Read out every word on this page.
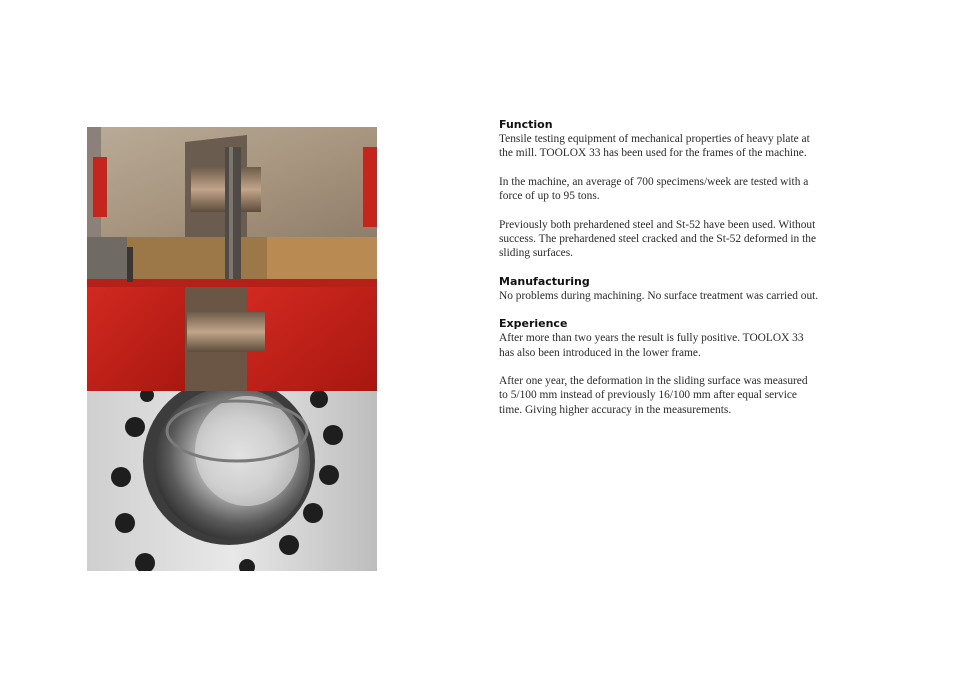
Function

Tensile testing equipment of mechanical properties of heavy plate at the mill. TOOLOX 33 has been used for the frames of the machine.

In the machine, an average of 700 specimens/week are tested with a force of up to 95 tons.

Previously both prehardened steel and St-52 have been used. Without success. The prehardened steel cracked and the St-52 deformed in the sliding surfaces.

Manufacturing

No problems during machining. No surface treatment was carried out.

Experience

After more than two years the result is fully positive. TOOLOX 33 has also been introduced in the lower frame.

After one year, the deformation in the sliding surface was measured to 5/100 mm instead of previously 16/100 mm after equal service time. Giving higher accuracy in the measurements.
